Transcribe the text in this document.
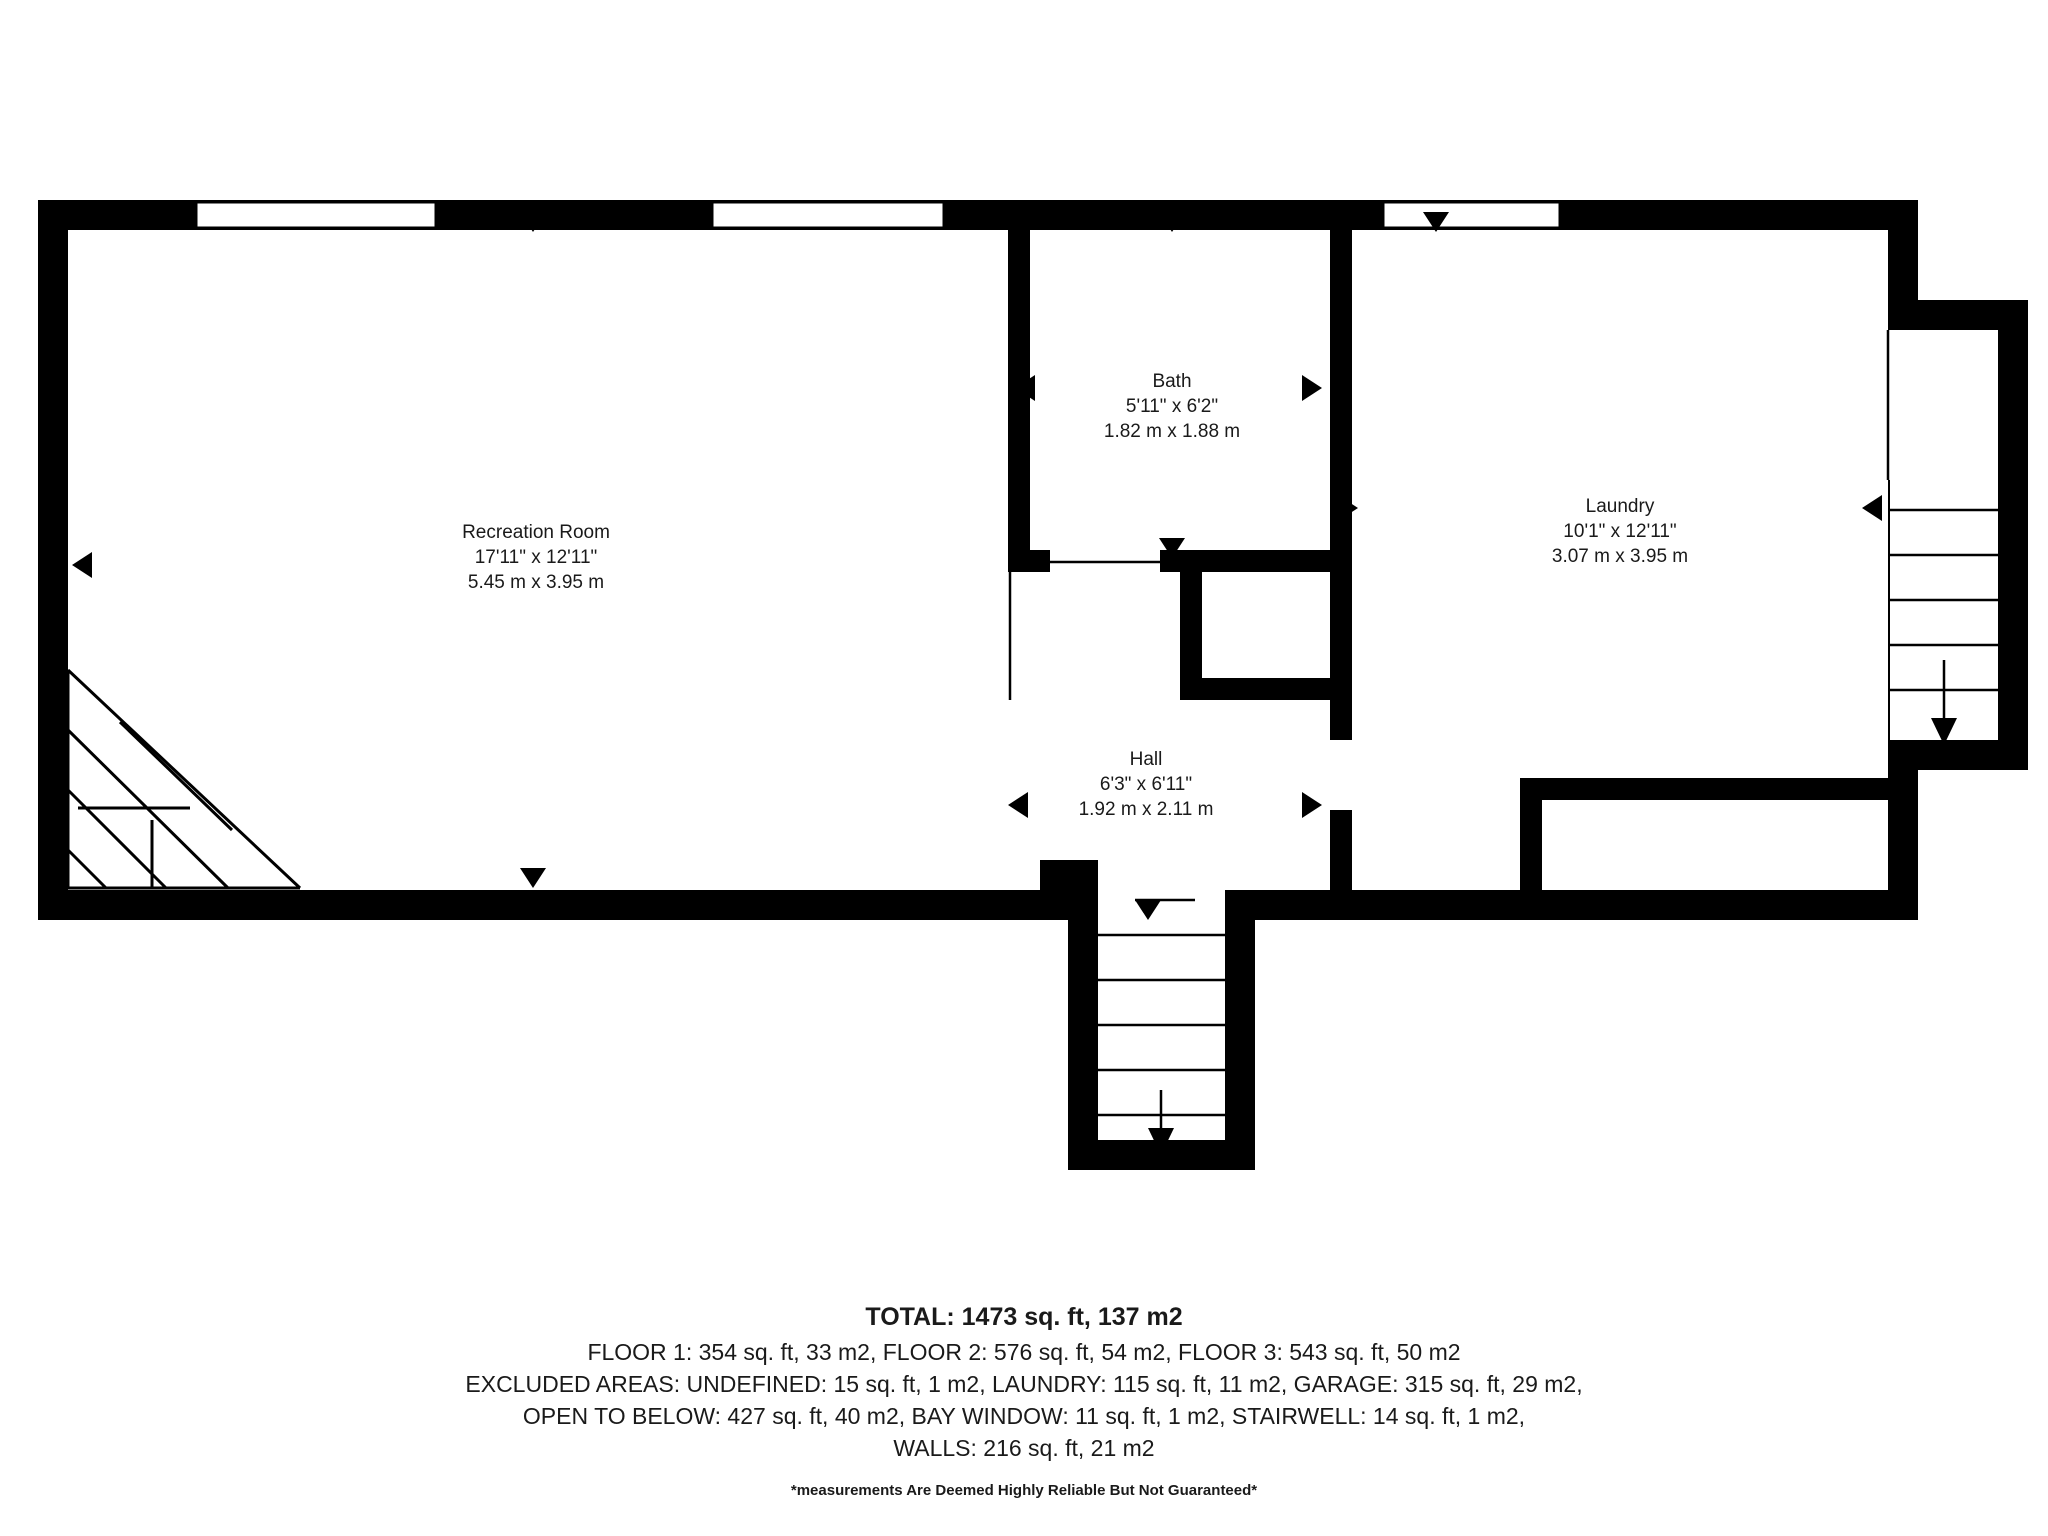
Recreation Room
17'11" x 12'11"
5.45 m x 3.95 m
Bath
5'11" x 6'2"
1.82 m x 1.88 m
Laundry
10'1" x 12'11"
3.07 m x 3.95 m
Hall
6'3" x 6'11"
1.92 m x 2.11 m
TOTAL: 1473 sq. ft, 137 m2
FLOOR 1: 354 sq. ft, 33 m2, FLOOR 2: 576 sq. ft, 54 m2, FLOOR 3: 543 sq. ft, 50 m2
EXCLUDED AREAS: UNDEFINED: 15 sq. ft, 1 m2, LAUNDRY: 115 sq. ft, 11 m2, GARAGE: 315 sq. ft, 29 m2,
OPEN TO BELOW: 427 sq. ft, 40 m2, BAY WINDOW: 11 sq. ft, 1 m2, STAIRWELL: 14 sq. ft, 1 m2,
WALLS: 216 sq. ft, 21 m2
*measurements Are Deemed Highly Reliable But Not Guaranteed*
